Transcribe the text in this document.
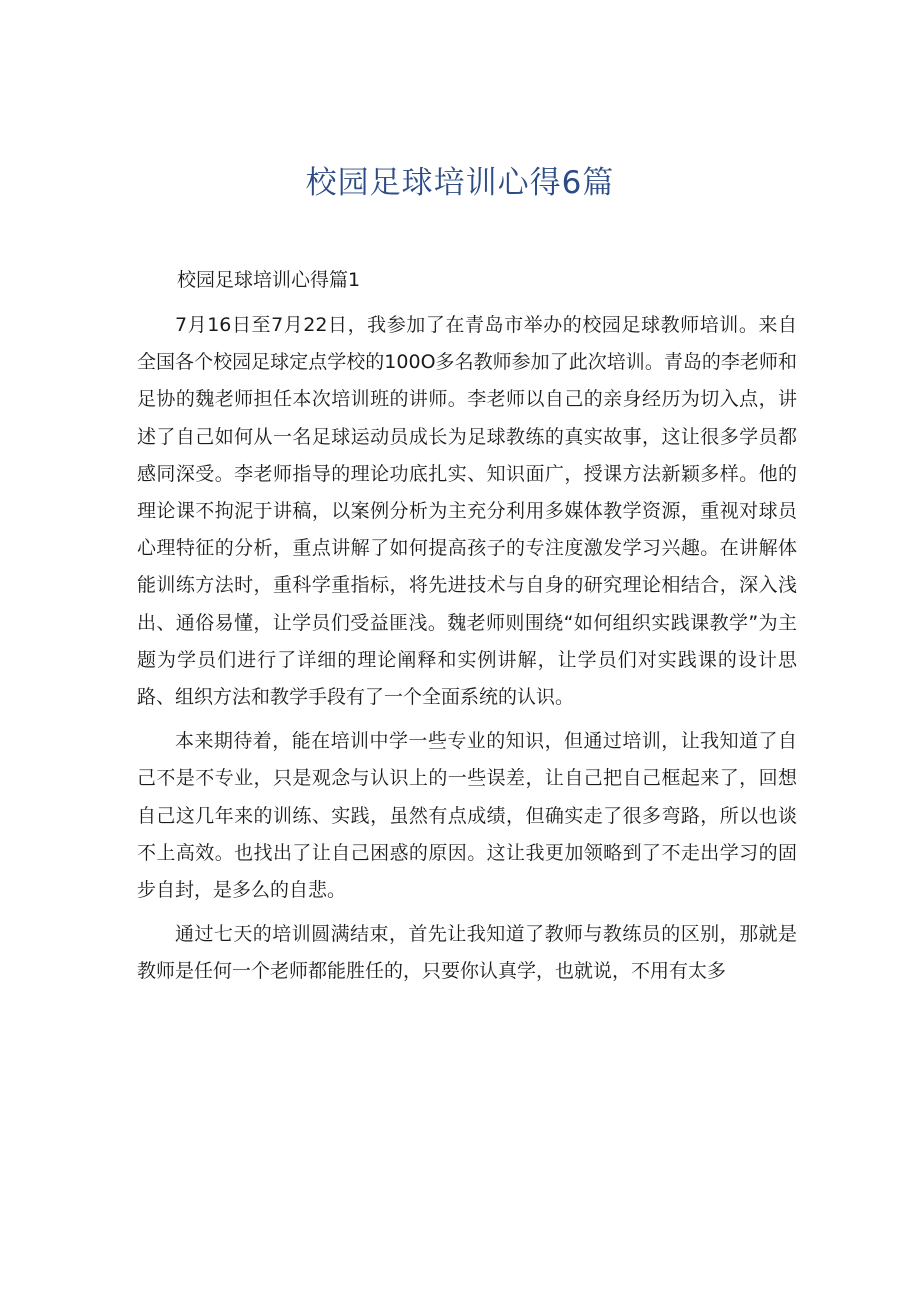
校园足球培训心得6篇
校园足球培训心得篇1

7月16日至7月22日，我参加了在青岛市举办的校园足球教师培训。来自全国各个校园足球定点学校的100O多名教师参加了此次培训。青岛的李老师和足协的魏老师担任本次培训班的讲师。李老师以自己的亲身经历为切入点，讲述了自己如何从一名足球运动员成长为足球教练的真实故事，这让很多学员都感同深受。李老师指导的理论功底扎实、知识面广，授课方法新颖多样。他的理论课不拘泥于讲稿，以案例分析为主充分利用多媒体教学资源，重视对球员心理特征的分析，重点讲解了如何提高孩子的专注度激发学习兴趣。在讲解体能训练方法时，重科学重指标，将先进技术与自身的研究理论相结合，深入浅出、通俗易懂，让学员们受益匪浅。魏老师则围绕“如何组织实践课教学”为主题为学员们进行了详细的理论阐释和实例讲解，让学员们对实践课的设计思路、组织方法和教学手段有了一个全面系统的认识。

本来期待着，能在培训中学一些专业的知识，但通过培训，让我知道了自己不是不专业，只是观念与认识上的一些误差，让自己把自己框起来了，回想自己这几年来的训练、实践，虽然有点成绩，但确实走了很多弯路，所以也谈不上高效。也找出了让自己困惑的原因。这让我更加领略到了不走出学习的固步自封，是多么的自悲。

通过七天的培训圆满结束，首先让我知道了教师与教练员的区别，那就是教师是任何一个老师都能胜任的，只要你认真学，也就说，不用有太多
